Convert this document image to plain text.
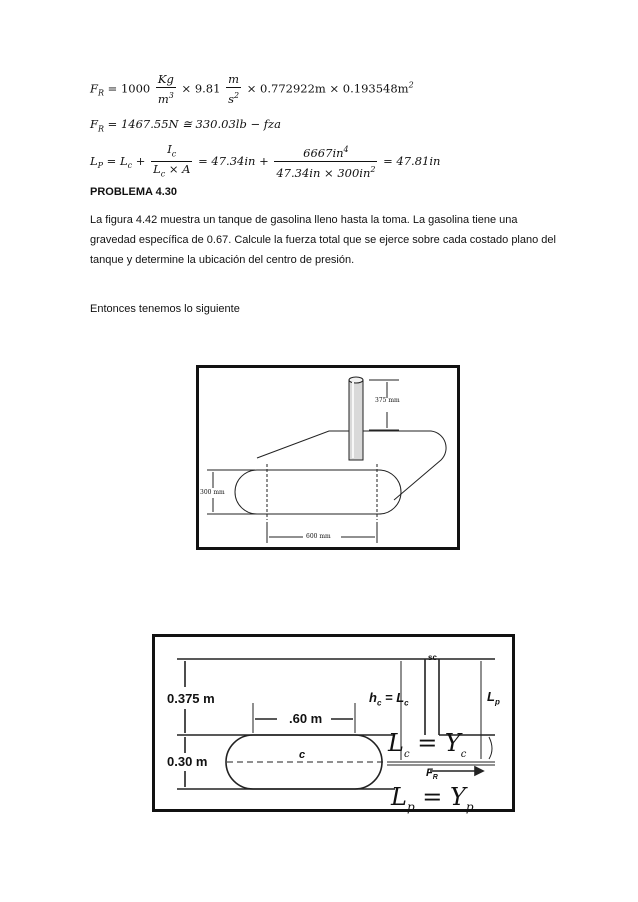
$F_R = 1000 \frac{Kg}{m^3} \times 9.81 \frac{m}{s^2} \times 0.772922m \times 0.193548m^2$
$F_R = 1467.55N$ ≅ 330.03lb − fza
$L_P = L_c + \frac{I_c}{L_c \times A} = 47.34in + \frac{6667in^4}{47.34in \times 300in^2} = 47.81in$
PROBLEMA 4.30
La figura 4.42 muestra un tanque de gasolina lleno hasta la toma. La gasolina tiene una gravedad específica de 0.67. Calcule la fuerza total que se ejerce sobre cada costado plano del tanque y determine la ubicación del centro de presión.
Entonces tenemos lo siguiente
375 mm
300 mm
600 mm
0.375 m
0.30 m
.60 m
c
sc
$h_c = L_c$	$L_p$
$F_R$
$L_c = Y_c$
$L_p = Y_p$
